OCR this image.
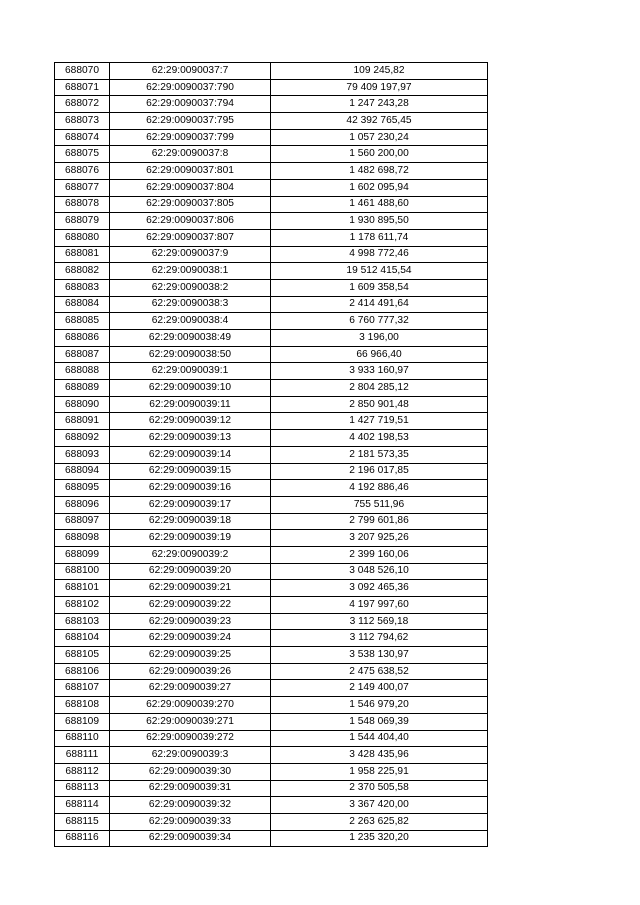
688070	62:29:0090037:7	109 245,82
688071	62:29:0090037:790	79 409 197,97
688072	62:29:0090037:794	1 247 243,28
688073	62:29:0090037:795	42 392 765,45
688074	62:29:0090037:799	1 057 230,24
688075	62:29:0090037:8	1 560 200,00
688076	62:29:0090037:801	1 482 698,72
688077	62:29:0090037:804	1 602 095,94
688078	62:29:0090037:805	1 461 488,60
688079	62:29:0090037:806	1 930 895,50
688080	62:29:0090037:807	1 178 611,74
688081	62:29:0090037:9	4 998 772,46
688082	62:29:0090038:1	19 512 415,54
688083	62:29:0090038:2	1 609 358,54
688084	62:29:0090038:3	2 414 491,64
688085	62:29:0090038:4	6 760 777,32
688086	62:29:0090038:49	3 196,00
688087	62:29:0090038:50	66 966,40
688088	62:29:0090039:1	3 933 160,97
688089	62:29:0090039:10	2 804 285,12
688090	62:29:0090039:11	2 850 901,48
688091	62:29:0090039:12	1 427 719,51
688092	62:29:0090039:13	4 402 198,53
688093	62:29:0090039:14	2 181 573,35
688094	62:29:0090039:15	2 196 017,85
688095	62:29:0090039:16	4 192 886,46
688096	62:29:0090039:17	755 511,96
688097	62:29:0090039:18	2 799 601,86
688098	62:29:0090039:19	3 207 925,26
688099	62:29:0090039:2	2 399 160,06
688100	62:29:0090039:20	3 048 526,10
688101	62:29:0090039:21	3 092 465,36
688102	62:29:0090039:22	4 197 997,60
688103	62:29:0090039:23	3 112 569,18
688104	62:29:0090039:24	3 112 794,62
688105	62:29:0090039:25	3 538 130,97
688106	62:29:0090039:26	2 475 638,52
688107	62:29:0090039:27	2 149 400,07
688108	62:29:0090039:270	1 546 979,20
688109	62:29:0090039:271	1 548 069,39
688110	62:29:0090039:272	1 544 404,40
688111	62:29:0090039:3	3 428 435,96
688112	62:29:0090039:30	1 958 225,91
688113	62:29:0090039:31	2 370 505,58
688114	62:29:0090039:32	3 367 420,00
688115	62:29:0090039:33	2 263 625,82
688116	62:29:0090039:34	1 235 320,20
